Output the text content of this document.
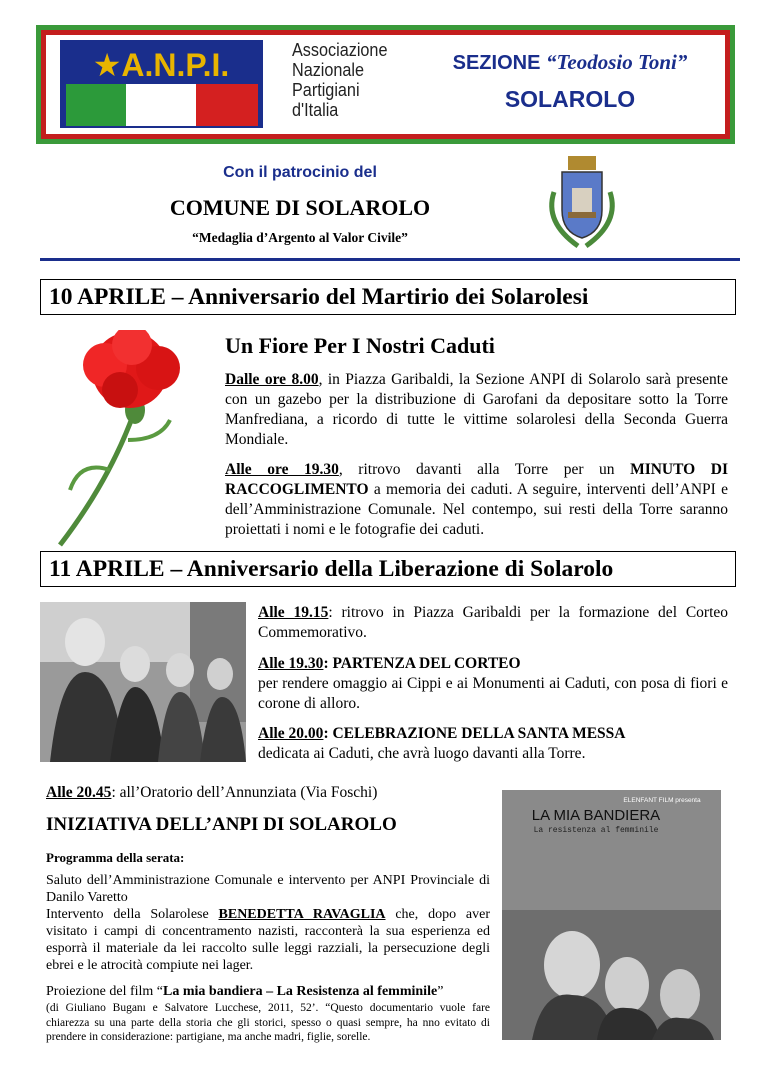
★A.N.P.I.	Associazione
Nazionale
Partigiani
d'Italia
SEZIONE “Teodosio Toni”
SOLAROLO
Con il patrocinio del
COMUNE DI SOLAROLO
“Medaglia d’Argento al Valor Civile”
10 APRILE – Anniversario del Martirio dei Solarolesi
Un Fiore Per I Nostri Caduti
Dalle ore 8.00, in Piazza Garibaldi, la Sezione ANPI di Solarolo sarà presente con un gazebo per la distribuzione di Garofani da depositare sotto la Torre Manfrediana, a ricordo di tutte le vittime solarolesi della Seconda Guerra Mondiale.
Alle ore 19.30, ritrovo davanti alla Torre per un MINUTO DI RACCOGLIMENTO a memoria dei caduti. A seguire, interventi dell’ANPI e dell’Amministrazione Comunale. Nel contempo, sui resti della Torre saranno proiettati i nomi e le fotografie dei caduti.
11 APRILE – Anniversario della Liberazione di Solarolo
Alle 19.15: ritrovo in Piazza Garibaldi per la formazione del Corteo Commemorativo.
Alle 19.30: PARTENZA DEL CORTEO
per rendere omaggio ai Cippi e ai Monumenti ai Caduti, con posa di fiori e corone di alloro.
Alle 20.00: CELEBRAZIONE DELLA SANTA MESSA
dedicata ai Caduti, che avrà luogo davanti alla Torre.
Alle 20.45: all’Oratorio dell’Annunziata (Via Foschi)
INIZIATIVA DELL’ANPI DI SOLAROLO
Programma della serata:
Saluto dell’Amministrazione Comunale e intervento per ANPI Provinciale di Danilo Varetto
Intervento della Solarolese BENEDETTA RAVAGLIA che, dopo aver visitato i campi di concentramento nazisti, racconterà la sua esperienza ed esporrà il materiale da lei raccolto sulle leggi razziali, la persecuzione degli ebrei e le atrocità compiute nei lager.
Proiezione del film “La mia bandiera – La Resistenza al femminile”
(di Giuliano Buganı e Salvatore Lucchese, 2011, 52’. “Questo documentario vuole fare chiarezza su una parte della storia che gli storici, spesso o quasi sempre, ha nno evitato di prendere in considerazione: partigiane, ma anche madri, figlie, sorelle.
ELENFANT FILM presenta
LA MIA BANDIERA
La resistenza al femminile
